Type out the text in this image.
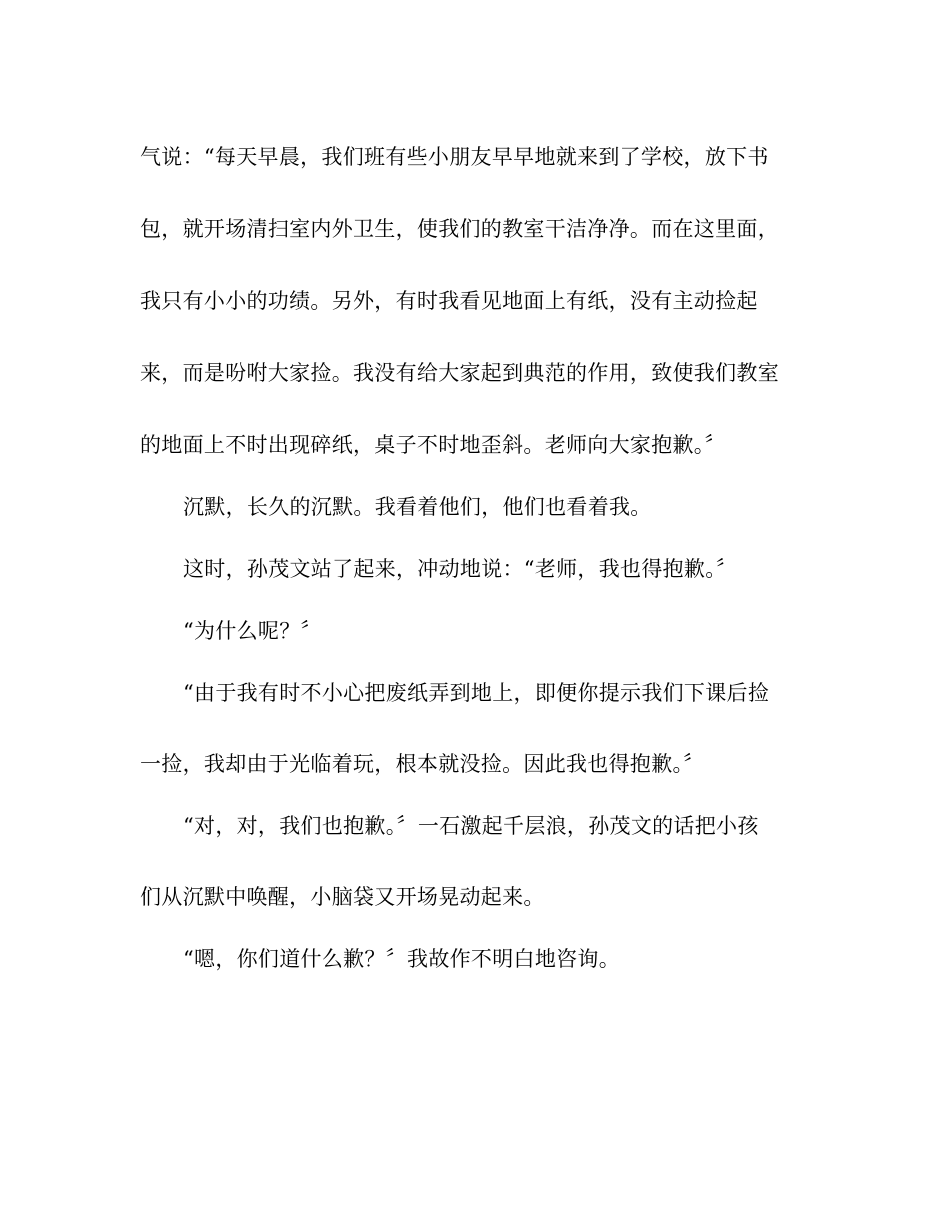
气说：“每天早晨，我们班有些小朋友早早地就来到了学校，放下书
包，就开场清扫室内外卫生，使我们的教室干洁净净。而在这里面，
我只有小小的功绩。另外，有时我看见地面上有纸，没有主动捡起
来，而是吩咐大家捡。我没有给大家起到典范的作用，致使我们教室
的地面上不时出现碎纸，桌子不时地歪斜。老师向大家抱歉。〞
沉默，长久的沉默。我看着他们，他们也看着我。
这时，孙茂文站了起来，冲动地说：“老师，我也得抱歉。〞
“为什么呢？〞
“由于我有时不小心把废纸弄到地上，即便你提示我们下课后捡
一捡，我却由于光临着玩，根本就没捡。因此我也得抱歉。〞
“对，对，我们也抱歉。〞一石激起千层浪，孙茂文的话把小孩
们从沉默中唤醒，小脑袋又开场晃动起来。
“嗯，你们道什么歉？〞我故作不明白地咨询。
